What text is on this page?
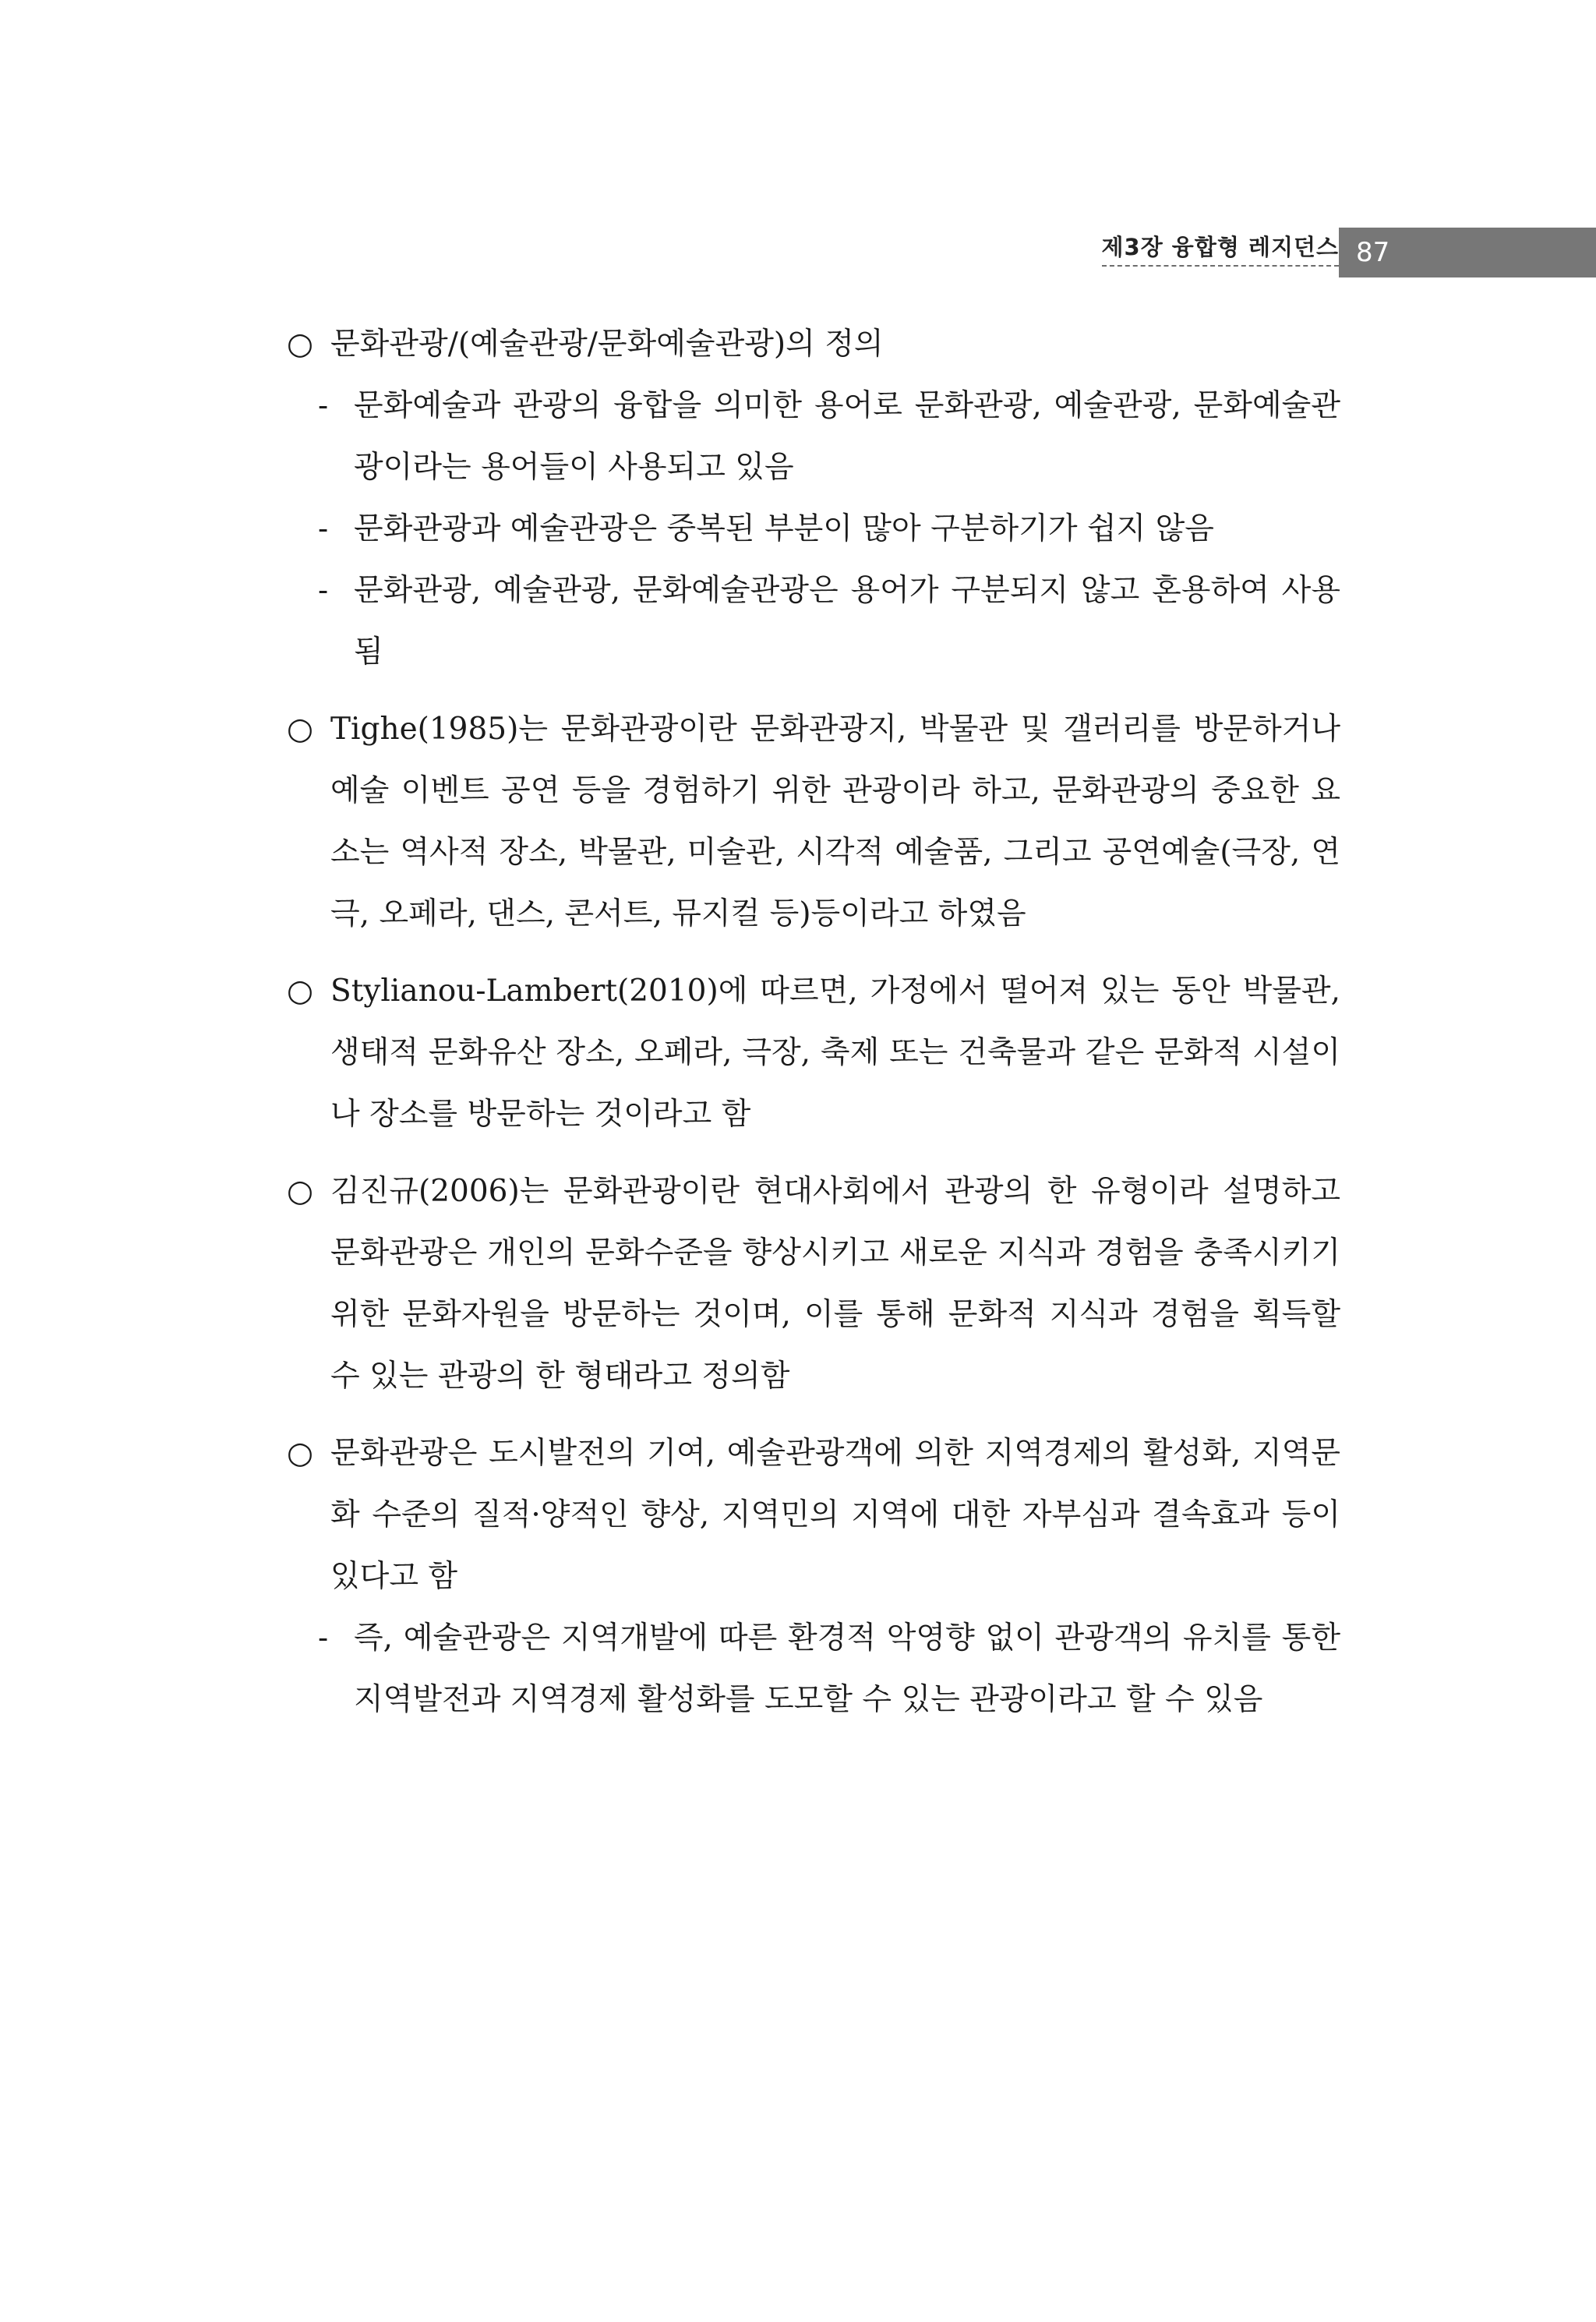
제3장 융합형 레지던스 87
○ 문화관광/(예술관광/문화예술관광)의 정의
- 문화예술과 관광의 융합을 의미한 용어로 문화관광, 예술관광, 문화예술관광이라는 용어들이 사용되고 있음
- 문화관광과 예술관광은 중복된 부분이 많아 구분하기가 쉽지 않음
- 문화관광, 예술관광, 문화예술관광은 용어가 구분되지 않고 혼용하여 사용됨
○ Tighe(1985)는 문화관광이란 문화관광지, 박물관 및 갤러리를 방문하거나 예술 이벤트 공연 등을 경험하기 위한 관광이라 하고, 문화관광의 중요한 요소는 역사적 장소, 박물관, 미술관, 시각적 예술품, 그리고 공연예술(극장, 연극, 오페라, 댄스, 콘서트, 뮤지컬 등)등이라고 하였음
○ Stylianou-Lambert(2010)에 따르면, 가정에서 떨어져 있는 동안 박물관, 생태적 문화유산 장소, 오페라, 극장, 축제 또는 건축물과 같은 문화적 시설이나 장소를 방문하는 것이라고 함
○ 김진규(2006)는 문화관광이란 현대사회에서 관광의 한 유형이라 설명하고 문화관광은 개인의 문화수준을 향상시키고 새로운 지식과 경험을 충족시키기 위한 문화자원을 방문하는 것이며, 이를 통해 문화적 지식과 경험을 획득할 수 있는 관광의 한 형태라고 정의함
○ 문화관광은 도시발전의 기여, 예술관광객에 의한 지역경제의 활성화, 지역문화 수준의 질적·양적인 향상, 지역민의 지역에 대한 자부심과 결속효과 등이 있다고 함
- 즉, 예술관광은 지역개발에 따른 환경적 악영향 없이 관광객의 유치를 통한 지역발전과 지역경제 활성화를 도모할 수 있는 관광이라고 할 수 있음
